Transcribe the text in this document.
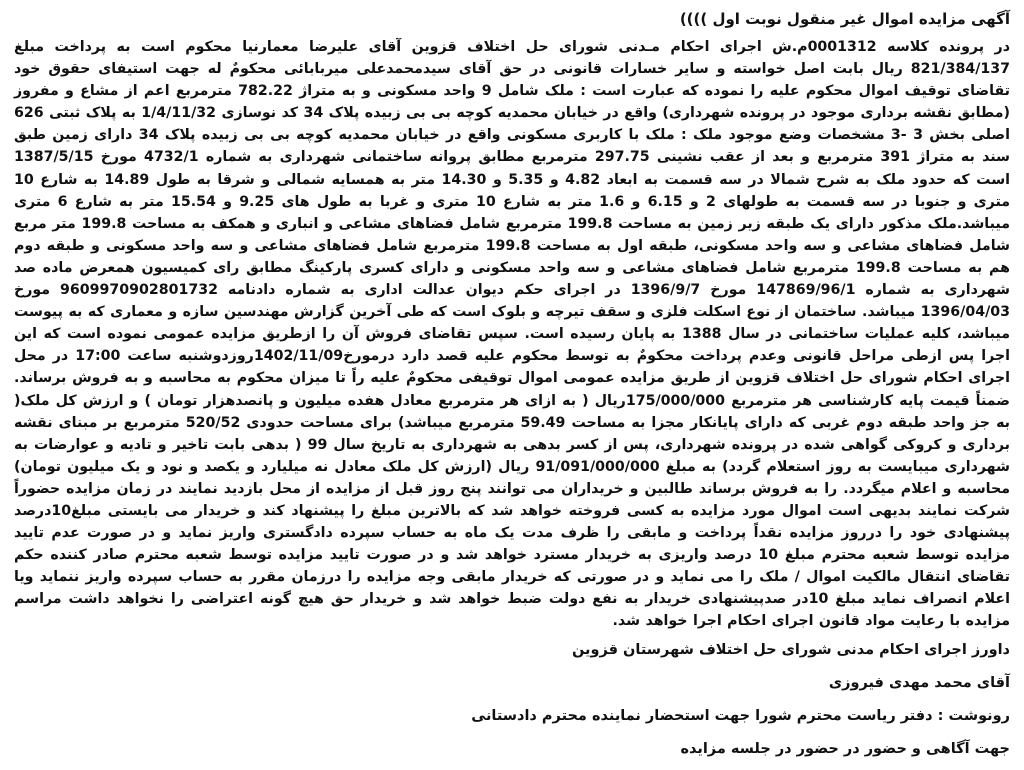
آگهی مزایده اموال غیر منقول نوبت اول ))))

در پرونده کلاسه 0001312م.ش اجرای احکام مـدنی شورای حل اختلاف قزوین آقای علیرضا معمارنیا محکوم است به پرداخت مبلغ 821/384/137 ریال بابت اصل خواسته و سایر خسارات قانونی در حق آقای سیدمحمدعلی میربابائی محکومٌ له جهت استیفای حقوق خود تقاضای توقیف اموال محکوم علیه را نموده که عبارت است : ملک شامل 9 واحد مسکونی و به متراژ 782.22 مترمربع اعم از مشاع و مفروز (مطابق نقشه برداری موجود در پرونده شهرداری) واقع در خیابان محمدیه کوچه بی بی زبیده پلاک 34 کد نوسازی 1/4/11/32 به پلاک ثبتی 626 اصلی بخش 3 -3 مشخصات وضع موجود ملک : ملک با کاربری مسکونی واقع در خیابان محمدیه کوچه بی بی زبیده پلاک 34 دارای زمین طبق سند به متراژ 391 مترمربع و بعد از عقب نشینی 297.75 مترمربع مطابق پروانه ساختمانی شهرداری به شماره 4732/1 مورخ 1387/5/15 است که حدود ملک به شرح شمالا در سه قسمت به ابعاد 4.82 و 5.35 و 14.30 متر به همسایه شمالی و شرقا به طول 14.89 به شارع 10 متری و جنوبا در سه قسمت به طولهای 2 و 6.15 و 1.6 متر به شارع 10 متری و غربا به طول های 9.25 و 15.54 متر به شارع 6 متری میباشد.ملک مذکور دارای یک طبقه زیر زمین به مساحت 199.8 مترمربع شامل فضاهای مشاعی و انباری و همکف به مساحت 199.8 متر مربع شامل فضاهای مشاعی و سه واحد مسکونی، طبقه اول به مساحت 199.8 مترمربع شامل فضاهای مشاعی و سه واحد مسکونی و طبقه دوم هم به مساحت 199.8 مترمربع شامل فضاهای مشاعی و سه واحد مسکونی و دارای کسری پارکینگ مطابق رای کمیسیون همعرض ماده صد شهرداری به شماره 147869/96/1 مورخ 1396/9/7 در اجرای حکم دیوان عدالت اداری به شماره دادنامه 9609970902801732 مورخ 1396/04/03 میباشد. ساختمان از نوع اسکلت فلزی و سقف تیرچه و بلوک است که طی آخرین گزارش مهندسین سازه و معماری که به پیوست میباشد، کلیه عملیات ساختمانی در سال 1388 به پایان رسیده است. سپس تقاضای فروش آن را ازطریق مزایده عمومی نموده است که این اجرا پس ازطی مراحل قانونی وعدم پرداخت محکومٌ به توسط محکوم علیه قصد دارد درمورخ1402/11/09روزدوشنبه ساعت 17:00 در محل اجرای احکام شورای حل اختلاف قزوین از طریق مزایده عمومی اموال توقیفی محکومٌ علیه راً تا میزان محکوم به محاسبه و به فروش برساند. ضمناً قیمت پایه کارشناسی هر مترمربع 175/000/000ریال ( به ازای هر مترمربع معادل هفده میلیون و پانصدهزار تومان ) و ارزش کل ملک( به جز واحد طبقه دوم غربی که دارای پایانکار مجزا به مساحت 59.49 مترمربع میباشد) برای مساحت حدودی 520/52 مترمربع بر مبنای نقشه برداری و کروکی گواهی شده در پرونده شهرداری، پس از کسر بدهی به شهرداری به تاریخ سال 99 ( بدهی بابت تاخیر و تادیه و عوارضات به شهرداری میبایست به روز استعلام گردد) به مبلغ 91/091/000/000 ریال (ارزش کل ملک معادل نه میلیارد و یکصد و نود و یک میلیون تومان) محاسبه و اعلام میگردد. را به فروش برساند طالبین و خریداران می توانند پنج روز قبل از مزایده از محل بازدید نمایند در زمان مزایده حضوراً شرکت نمایند بدیهی است اموال مورد مزایده به کسی فروخته خواهد شد که بالاترین مبلغ را پیشنهاد کند و خریدار می بایستی مبلغ10درصد پیشنهادی خود را درروز مزایده نقداً پرداخت و مابقی را ظرف مدت یک ماه به حساب سپرده دادگستری واریز نماید و در صورت عدم تایید مزایده توسط شعبه محترم مبلغ 10 درصد واریزی به خریدار مسترد خواهد شد و در صورت تایید مزایده توسط شعبه محترم صادر کننده حکم تقاضای انتقال مالکیت اموال / ملک را می نماید و در صورتی که خریدار مابقی وجه مزایده را درزمان مقرر به حساب سپرده واریز ننماید ویا اعلام انصراف نماید مبلغ 10در صدپیشنهادی خریدار به نفع دولت ضبط خواهد شد و خریدار حق هیچ گونه اعتراضی را نخواهد داشت مراسم مزایده با رعایت مواد قانون اجرای احکام اجرا خواهد شد.

داورز اجرای احکام مدنی شورای حل اختلاف شهرستان قزوین
آقای محمد مهدی فیروزی
رونوشت : دفتر ریاست محترم شورا جهت استحضار نماینده محترم دادستانی
جهت آگاهی و حضور در حضور در جلسه مزایده
